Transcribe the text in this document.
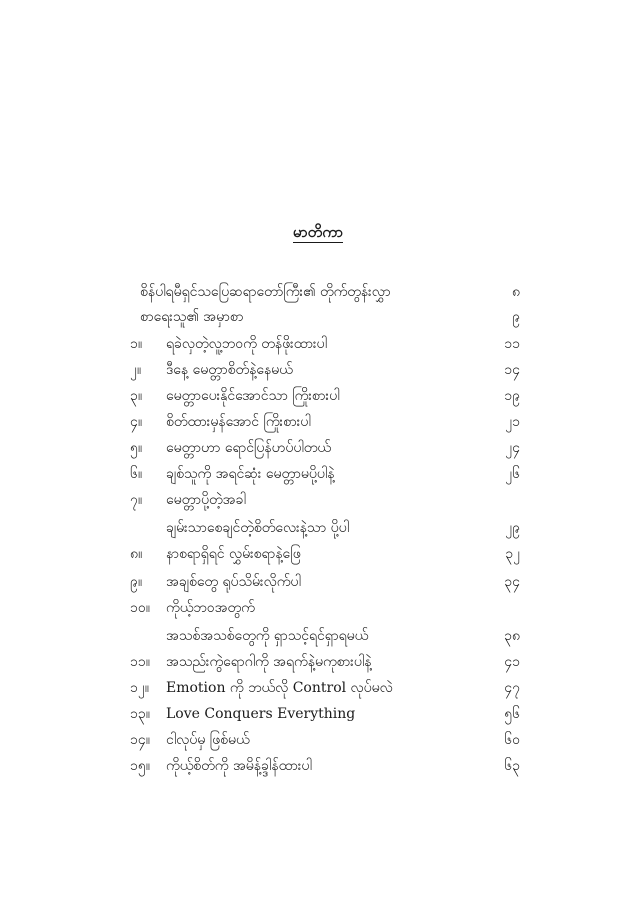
မာတိကာ
စိန်ပါရမီရှင်သပြေဆရာတော်ကြီး၏ တိုက်တွန်းလွှာ	၈
စာရေးသူ၏ အမှာစာ	၉
၁။	ရခဲလှတဲ့လူ့ဘဝကို တန်ဖိုးထားပါ	၁၁
၂။	ဒီနေ့ မေတ္တာစိတ်နဲ့နေမယ်	၁၄
၃။	မေတ္တာပေးနိုင်အောင်သာ ကြိုးစားပါ	၁၉
၄။	စိတ်ထားမှန်အောင် ကြိုးစားပါ	၂၁
၅။	မေတ္တာဟာ ရောင်ပြန်ဟပ်ပါတယ်	၂၄
၆။	ချစ်သူကို အရင်ဆုံး မေတ္တာမပို့ပါနဲ့	၂၆
၇။	မေတ္တာပို့တဲ့အခါ
ချမ်းသာစေချင်တဲ့စိတ်လေးနဲ့သာ ပို့ပါ	၂၉
၈။	နာစရာရှိရင် လွှမ်းစရာနဲ့ဖြေ	၃၂
၉။	အချစ်တွေ ရုပ်သိမ်းလိုက်ပါ	၃၄
၁၀။	ကိုယ့်ဘဝအတွက်
အသစ်အသစ်တွေကို ရှာသင့်ရင်ရှာရမယ်	၃၈
၁၁။	အသည်းကွဲရောဂါကို အရက်နဲ့မကုစားပါနဲ့	၄၁
၁၂။	Emotion ကို ဘယ်လို Control လုပ်မလဲ	၄၇
၁၃။	Love Conquers Everything	၅၆
၁၄။	ငါလုပ်မှ ဖြစ်မယ်	၆၀
၁၅။	ကိုယ့်စိတ်ကို အမိန့်ခ္ဒါန်ထားပါ	၆၃
